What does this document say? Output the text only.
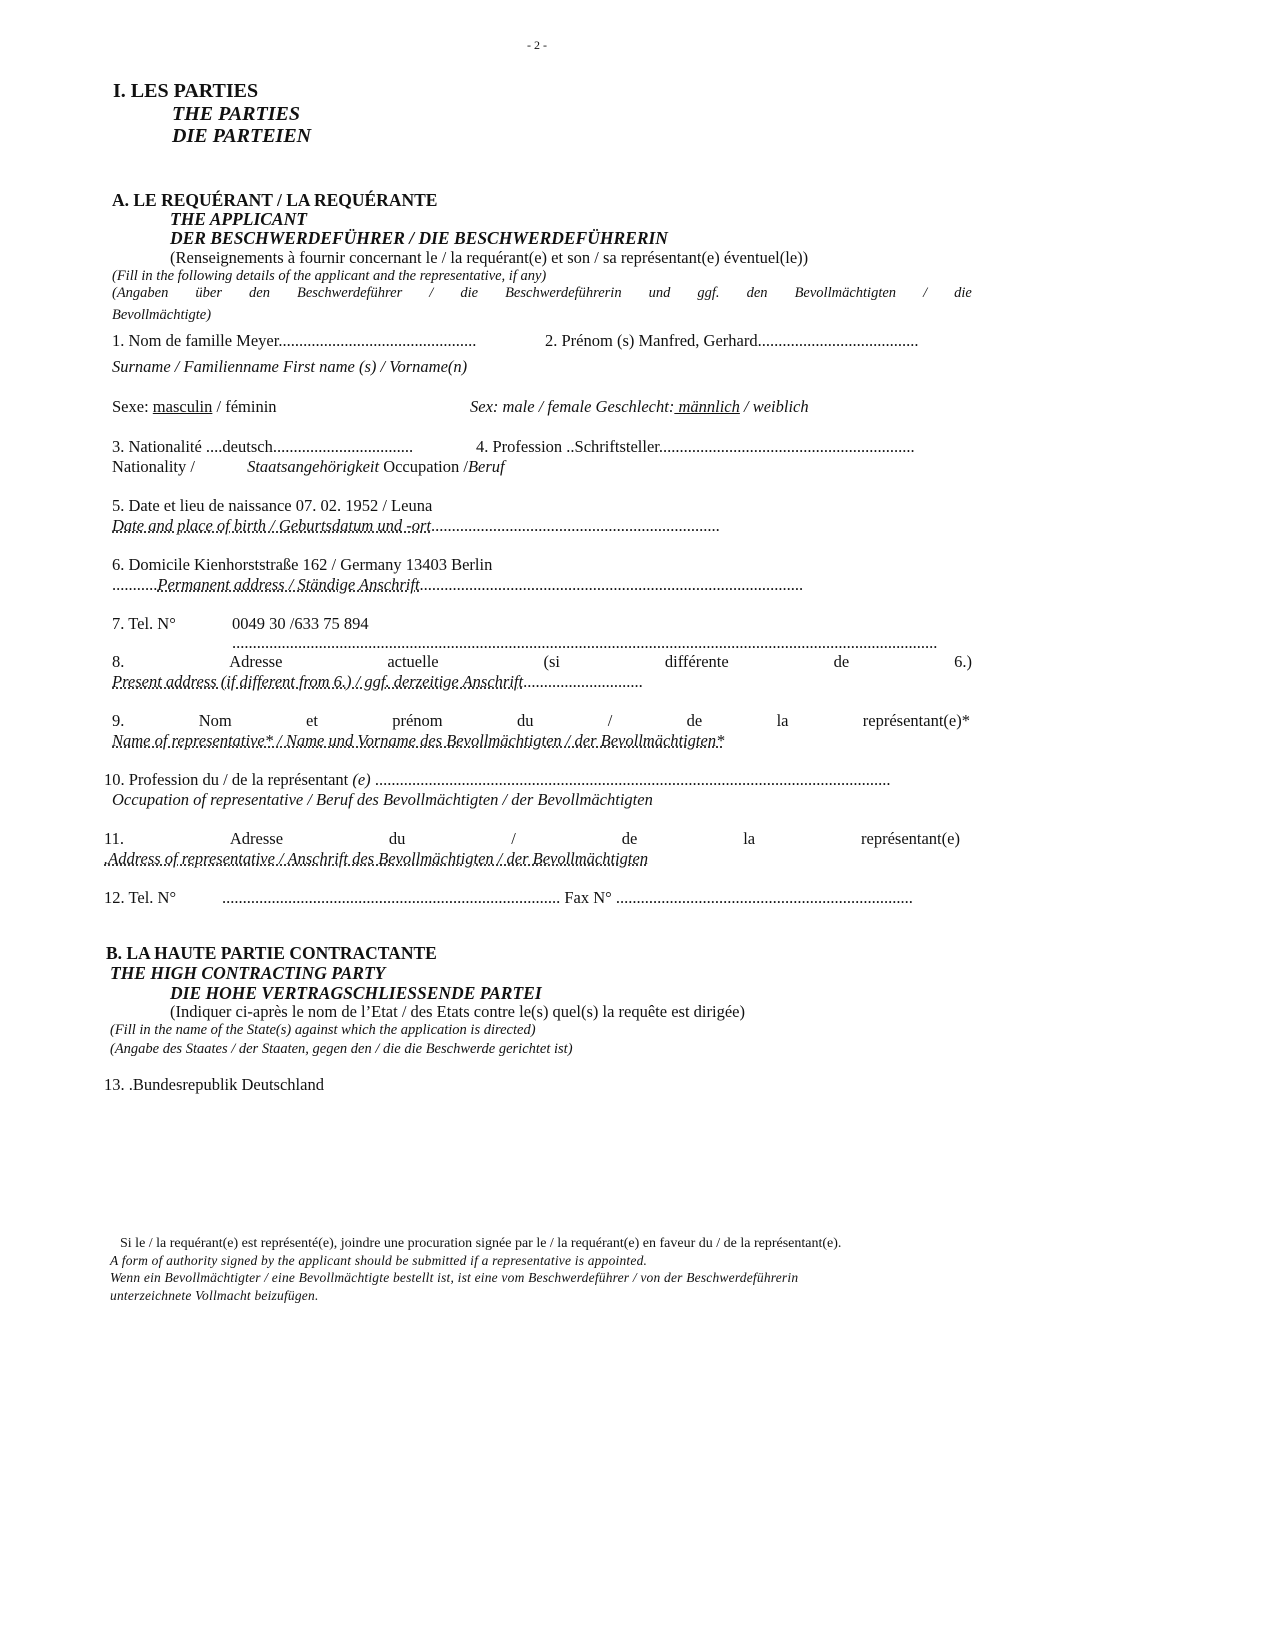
- 2 -
I. LES PARTIES
THE PARTIES
DIE PARTEIEN
A. LE REQUÉRANT / LA REQUÉRANTE
THE APPLICANT
DER BESCHWERDEFÜHRER / DIE BESCHWERDEFÜHRERIN
(Renseignements à fournir concernant le / la requérant(e) et son / sa représentant(e) éventuel(le))
(Fill in the following details of the applicant and the representative, if any)
(Angaben über den Beschwerdeführer / die Beschwerdeführerin und ggf. den Bevollmächtigten / die
Bevollmächtigte)
1. Nom de famille Meyer................................................	2. Prénom (s) Manfred, Gerhard.......................................
Surname / Familienname First name (s) / Vorname(n)
Sexe: masculin / féminin	Sex: male / female Geschlecht: männlich / weiblich
3. Nationalité ....deutsch..................................	4. Profession ..Schriftsteller..............................................................
Nationality /	Staatsangehörigkeit Occupation /Beruf
5. Date et lieu de naissance 07. 02. 1952 / Leuna
Date and place of birth / Geburtsdatum und -ort......................................................................
6. Domicile Kienhorststraße 162 / Germany 13403 Berlin
...........Permanent address / Ständige Anschrift.............................................................................................
7. Tel. N°	0049 30 /633 75 894
...........................................................................................................................................................................
8.	Adresse	actuelle	(si	différente	de	6.)
Present address (if different from 6.) / ggf. derzeitige Anschrift.............................
9.	Nom	et	prénom	du	/	de	la	représentant(e)*
Name of representative* / Name und Vorname des Bevollmächtigten / der Bevollmächtigten*
10. Profession du / de la représentant (e) .............................................................................................................................
Occupation of representative / Beruf des Bevollmächtigten / der Bevollmächtigten
11.	Adresse	du	/	de	la	représentant(e)
.Address of representative / Anschrift des Bevollmächtigten / der Bevollmächtigten
12. Tel. N°	.................................................................................. Fax N° ........................................................................
B. LA HAUTE PARTIE CONTRACTANTE
THE HIGH CONTRACTING PARTY
DIE HOHE VERTRAGSCHLIESSENDE PARTEI
(Indiquer ci-après le nom de l’Etat / des Etats contre le(s) quel(s) la requête est dirigée)
(Fill in the name of the State(s) against which the application is directed)
(Angabe des Staates / der Staaten, gegen den / die die Beschwerde gerichtet ist)
13. .Bundesrepublik Deutschland
Si le / la requérant(e) est représenté(e), joindre une procuration signée par le / la requérant(e) en faveur du / de la représentant(e).
A form of authority signed by the applicant should be submitted if a representative is appointed.
Wenn ein Bevollmächtigter / eine Bevollmächtigte bestellt ist, ist eine vom Beschwerdeführer / von der Beschwerdeführerin
unterzeichnete Vollmacht beizufügen.
